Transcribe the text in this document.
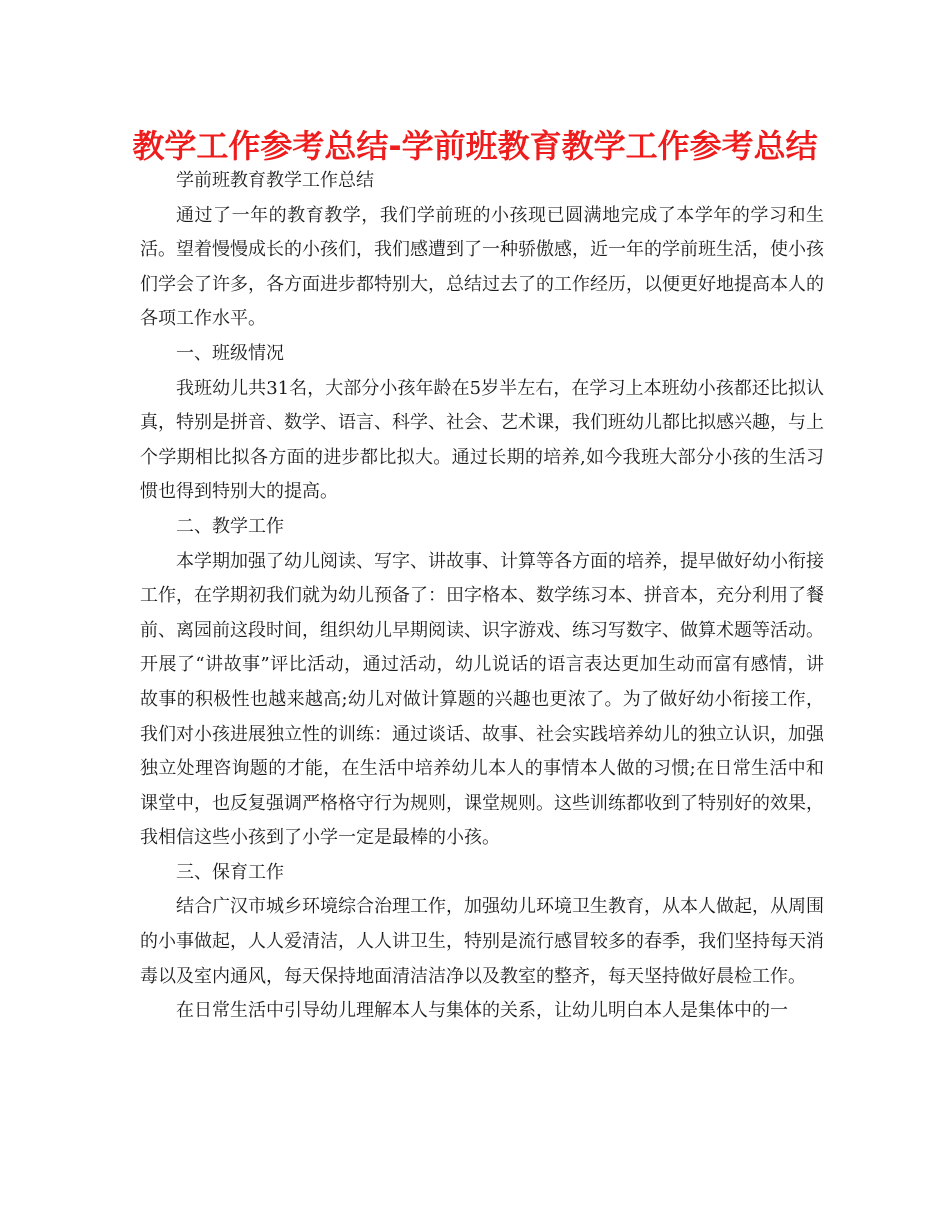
教学工作参考总结-学前班教育教学工作参考总结

学前班教育教学工作总结

通过了一年的教育教学，我们学前班的小孩现已圆满地完成了本学年的学习和生活。望着慢慢成长的小孩们，我们感遭到了一种骄傲感，近一年的学前班生活，使小孩们学会了许多，各方面进步都特别大，总结过去了的工作经历，以便更好地提高本人的各项工作水平。

一、班级情况

我班幼儿共31名，大部分小孩年龄在5岁半左右，在学习上本班幼小孩都还比拟认真，特别是拼音、数学、语言、科学、社会、艺术课，我们班幼儿都比拟感兴趣，与上个学期相比拟各方面的进步都比拟大。通过长期的培养,如今我班大部分小孩的生活习惯也得到特别大的提高。

二、教学工作

本学期加强了幼儿阅读、写字、讲故事、计算等各方面的培养，提早做好幼小衔接工作，在学期初我们就为幼儿预备了：田字格本、数学练习本、拼音本，充分利用了餐前、离园前这段时间，组织幼儿早期阅读、识字游戏、练习写数字、做算术题等活动。开展了“讲故事”评比活动，通过活动，幼儿说话的语言表达更加生动而富有感情，讲故事的积极性也越来越高;幼儿对做计算题的兴趣也更浓了。为了做好幼小衔接工作，我们对小孩进展独立性的训练：通过谈话、故事、社会实践培养幼儿的独立认识，加强独立处理咨询题的才能，在生活中培养幼儿本人的事情本人做的习惯;在日常生活中和课堂中，也反复强调严格格守行为规则，课堂规则。这些训练都收到了特别好的效果，我相信这些小孩到了小学一定是最棒的小孩。

三、保育工作

结合广汉市城乡环境综合治理工作，加强幼儿环境卫生教育，从本人做起，从周围的小事做起，人人爱清洁，人人讲卫生，特别是流行感冒较多的春季，我们坚持每天消毒以及室内通风，每天保持地面清洁洁净以及教室的整齐，每天坚持做好晨检工作。

在日常生活中引导幼儿理解本人与集体的关系，让幼儿明白本人是集体中的一
